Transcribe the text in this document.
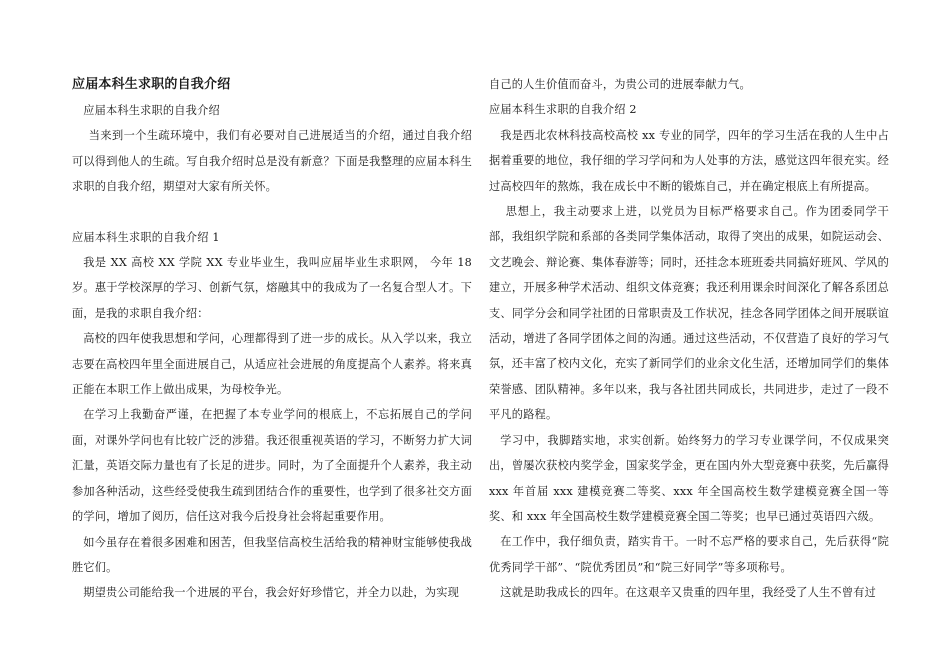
应届本科生求职的自我介绍

应届本科生求职的自我介绍

当来到一个生疏环境中，我们有必要对自己进展适当的介绍，通过自我介绍可以得到他人的生疏。写自我介绍时总是没有新意？下面是我整理的应届本科生求职的自我介绍，期望对大家有所关怀。

应届本科生求职的自我介绍 1

我是 XX 高校 XX 学院 XX 专业毕业生，我叫应届毕业生求职网， 今年 18 岁。惠于学校深厚的学习、创新气氛，熔融其中的我成为了一名复合型人才。下面，是我的求职自我介绍：

高校的四年使我思想和学问，心理都得到了进一步的成长。从入学以来，我立志要在高校四年里全面进展自己，从适应社会进展的角度提高个人素养。将来真正能在本职工作上做出成果，为母校争光。

在学习上我勤奋严谨，在把握了本专业学问的根底上，不忘拓展自己的学问面，对课外学问也有比较广泛的涉猎。我还很重视英语的学习，不断努力扩大词汇量，英语交际力量也有了长足的进步。同时，为了全面提升个人素养，我主动参加各种活动，这些经受使我生疏到团结合作的重要性，也学到了很多社交方面的学问，增加了阅历，信任这对我今后投身社会将起重要作用。

如今虽存在着很多困难和困苦，但我坚信高校生活给我的精神财宝能够使我战胜它们。

期望贵公司能给我一个进展的平台，我会好好珍惜它，并全力以赴，为实现

自己的人生价值而奋斗，为贵公司的进展奉献力气。

应届本科生求职的自我介绍 2

我是西北农林科技高校高校 xx 专业的同学，四年的学习生活在我的人生中占据着重要的地位，我仔细的学习学问和为人处事的方法，感觉这四年很充实。经过高校四年的熬炼，我在成长中不断的锻炼自己，并在确定根底上有所提高。

思想上，我主动要求上进，以党员为目标严格要求自己。作为团委同学干部，我组织学院和系部的各类同学集体活动，取得了突出的成果，如院运动会、文艺晚会、辩论赛、集体春游等；同时，还挂念本班班委共同搞好班风、学风的建立，开展多种学术活动、组织文体竞赛；我还利用课余时间深化了解各系团总支、同学分会和同学社团的日常职责及工作状况，挂念各同学团体之间开展联谊活动，增进了各同学团体之间的沟通。通过这些活动，不仅营造了良好的学习气氛，还丰富了校内文化，充实了新同学们的业余文化生活，还增加同学们的集体荣誉感、团队精神。多年以来，我与各社团共同成长，共同进步，走过了一段不平凡的路程。

学习中，我脚踏实地，求实创新。始终努力的学习专业课学问，不仅成果突出，曾屡次获校内奖学金，国家奖学金，更在国内外大型竞赛中获奖，先后赢得 xxx 年首届 xxx 建模竞赛二等奖、xxx 年全国高校生数学建模竞赛全国一等奖、和 xxx 年全国高校生数学建模竞赛全国二等奖；也早已通过英语四六级。

在工作中，我仔细负责，踏实肯干。一时不忘严格的要求自己，先后获得“院优秀同学干部”、“院优秀团员”和“院三好同学”等多项称号。

这就是助我成长的四年。在这艰辛又贵重的四年里，我经受了人生不曾有过
